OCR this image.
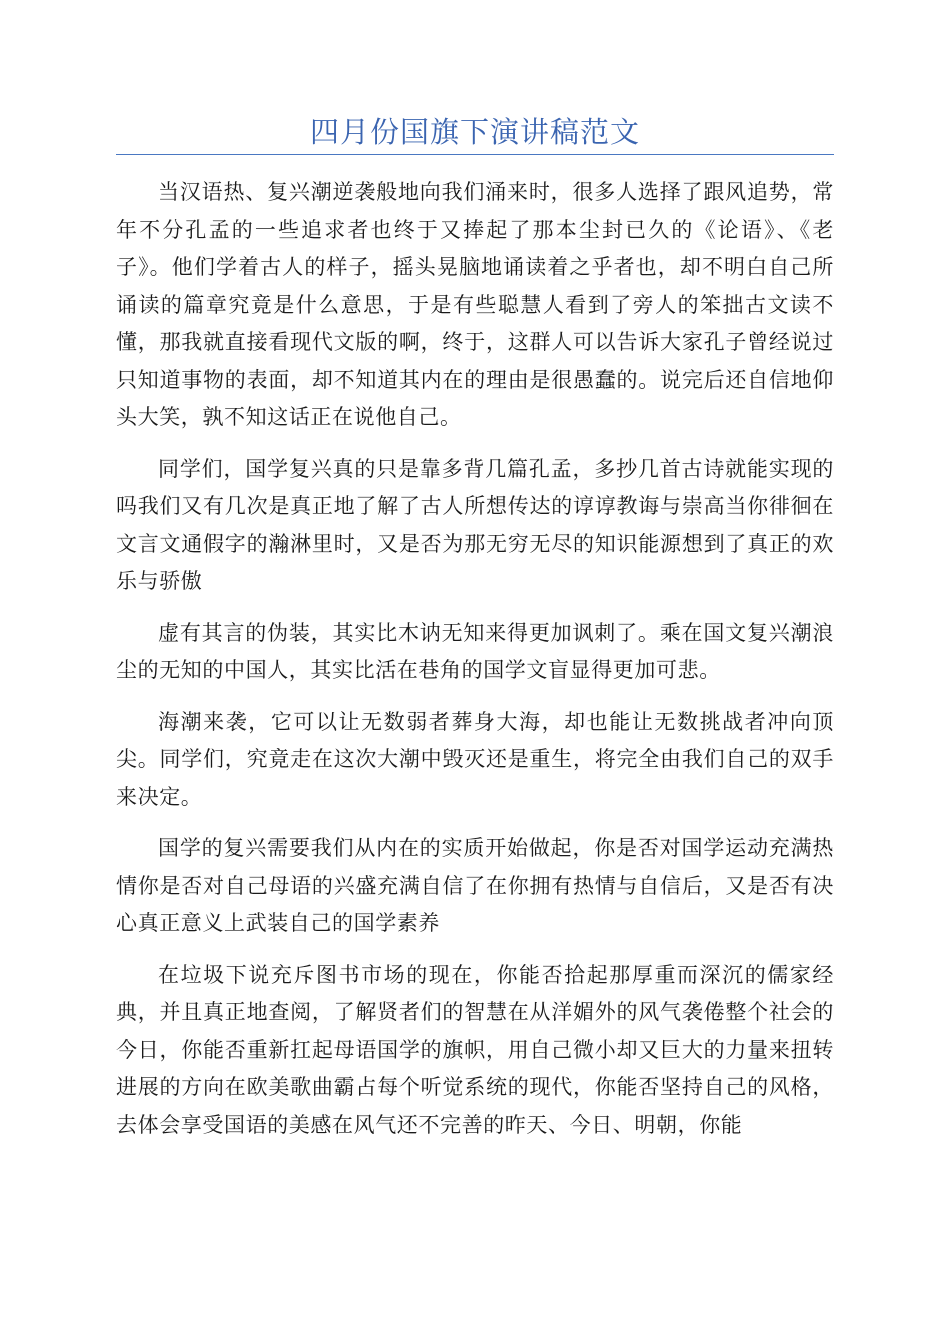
四月份国旗下演讲稿范文

当汉语热、复兴潮逆袭般地向我们涌来时，很多人选择了跟风追势，常年不分孔孟的一些追求者也终于又捧起了那本尘封已久的《论语》、《老子》。他们学着古人的样子，摇头晃脑地诵读着之乎者也，却不明白自己所诵读的篇章究竟是什么意思，于是有些聪慧人看到了旁人的笨拙古文读不懂，那我就直接看现代文版的啊，终于，这群人可以告诉大家孔子曾经说过只知道事物的表面，却不知道其内在的理由是很愚蠢的。说完后还自信地仰头大笑，孰不知这话正在说他自己。

同学们，国学复兴真的只是靠多背几篇孔孟，多抄几首古诗就能实现的吗我们又有几次是真正地了解了古人所想传达的谆谆教诲与崇高当你徘徊在文言文通假字的瀚淋里时，又是否为那无穷无尽的知识能源想到了真正的欢乐与骄傲

虚有其言的伪装，其实比木讷无知来得更加讽刺了。乘在国文复兴潮浪尘的无知的中国人，其实比活在巷角的国学文盲显得更加可悲。

海潮来袭，它可以让无数弱者葬身大海，却也能让无数挑战者冲向顶尖。同学们，究竟走在这次大潮中毁灭还是重生，将完全由我们自己的双手来决定。

国学的复兴需要我们从内在的实质开始做起，你是否对国学运动充满热情你是否对自己母语的兴盛充满自信了在你拥有热情与自信后，又是否有决心真正意义上武装自己的国学素养

在垃圾下说充斥图书市场的现在，你能否拾起那厚重而深沉的儒家经典，并且真正地查阅，了解贤者们的智慧在从洋媚外的风气袭倦整个社会的今日，你能否重新扛起母语国学的旗帜，用自己微小却又巨大的力量来扭转进展的方向在欧美歌曲霸占每个听觉系统的现代，你能否坚持自己的风格，去体会享受国语的美感在风气还不完善的昨天、今日、明朝，你能
